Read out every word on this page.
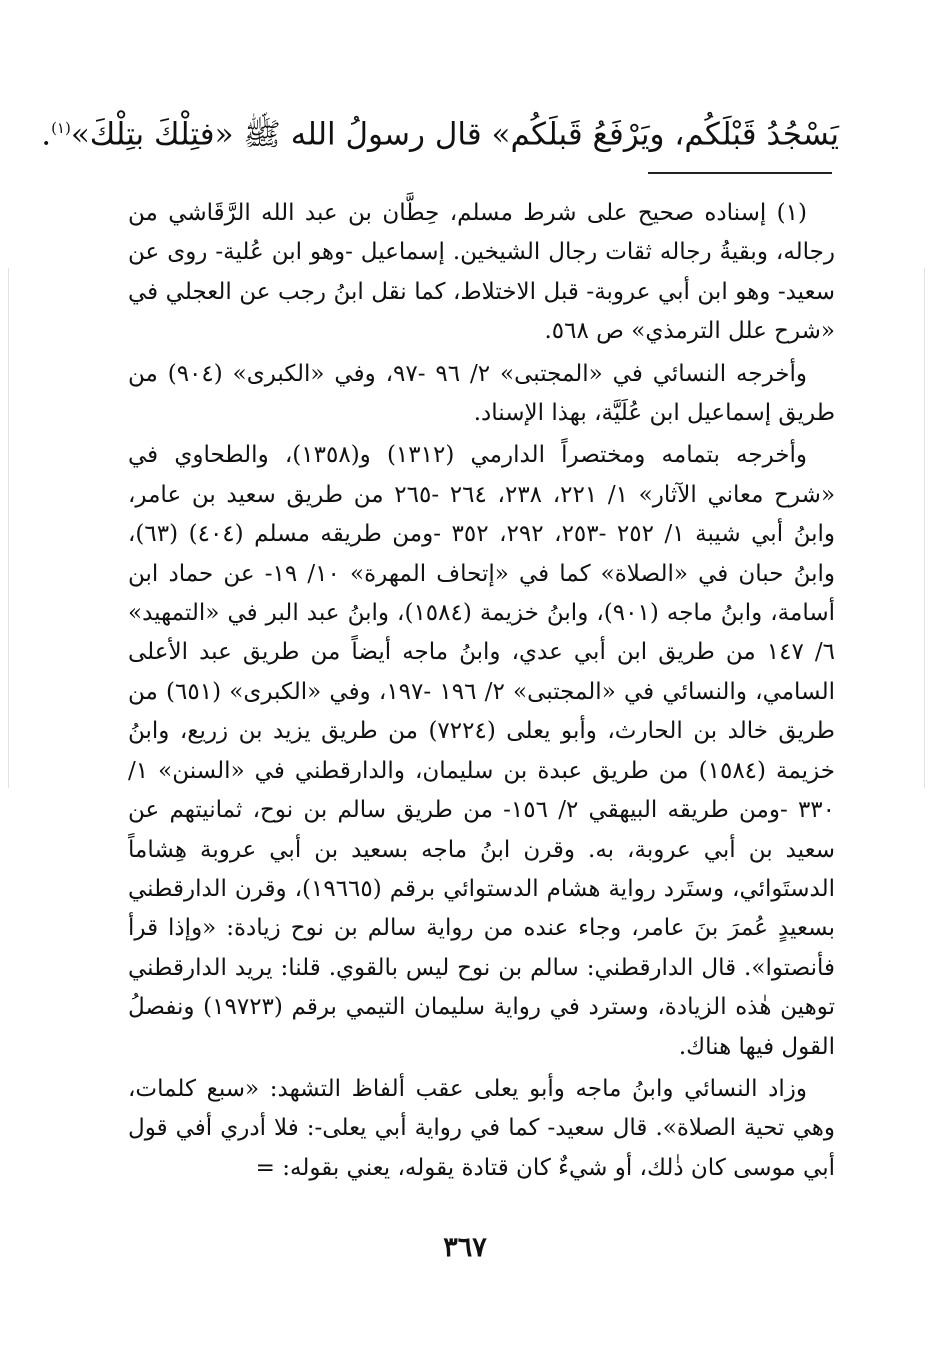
يَسْجُدُ قَبْلَكُم، ويَرْفَعُ قَبلَكُم» قال رسولُ الله ﷺ «فتِلْكَ بتِلْكَ»$^{(١)}$.

(١) إسناده صحيح على شرط مسلم، حِطَّان بن عبد الله الرَّقَاشي من رجاله، وبقيةُ رجاله ثقات رجال الشيخين. إسماعيل -وهو ابن عُلية- روى عن سعيد- وهو ابن أبي عروبة- قبل الاختلاط، كما نقل ابنُ رجب عن العجلي في «شرح علل الترمذي» ص ٥٦٨.

وأخرجه النسائي في «المجتبى» ٢/ ٩٦ -٩٧، وفي «الكبرى» (٩٠٤) من طريق إسماعيل ابن عُلَيَّة، بهذا الإسناد.

وأخرجه بتمامه ومختصراً الدارمي (١٣١٢) و(١٣٥٨)، والطحاوي في «شرح معاني الآثار» ١/ ٢٢١، ٢٣٨، ٢٦٤ -٢٦٥ من طريق سعيد بن عامر، وابنُ أبي شيبة ١/ ٢٥٢ -٢٥٣، ٢٩٢، ٣٥٢ -ومن طريقه مسلم (٤٠٤) (٦٣)، وابنُ حبان في «الصلاة» كما في «إتحاف المهرة» ١٠/ ١٩- عن حماد ابن أسامة، وابنُ ماجه (٩٠١)، وابنُ خزيمة (١٥٨٤)، وابنُ عبد البر في «التمهيد» ٦/ ١٤٧ من طريق ابن أبي عدي، وابنُ ماجه أيضاً من طريق عبد الأعلى السامي، والنسائي في «المجتبى» ٢/ ١٩٦ -١٩٧، وفي «الكبرى» (٦٥١) من طريق خالد بن الحارث، وأبو يعلى (٧٢٢٤) من طريق يزيد بن زريع، وابنُ خزيمة (١٥٨٤) من طريق عبدة بن سليمان، والدارقطني في «السنن» ١/ ٣٣٠ -ومن طريقه البيهقي ٢/ ١٥٦- من طريق سالم بن نوح، ثمانيتهم عن سعيد بن أبي عروبة، به. وقرن ابنُ ماجه بسعيد بن أبي عروبة هِشاماً الدستَوائي، وستَرد رواية هشام الدستوائي برقم (١٩٦٦٥)، وقرن الدارقطني بسعيدٍ عُمرَ بنَ عامر، وجاء عنده من رواية سالم بن نوح زيادة: «وإذا قرأ فأنصتوا». قال الدارقطني: سالم بن نوح ليس بالقوي. قلنا: يريد الدارقطني توهين هٰذه الزيادة، وسترد في رواية سليمان التيمي برقم (١٩٧٢٣) ونفصلُ القول فيها هناك.

وزاد النسائي وابنُ ماجه وأبو يعلى عقب ألفاظ التشهد: «سبع كلمات، وهي تحية الصلاة». قال سعيد- كما في رواية أبي يعلى-: فلا أدري أفي قول أبي موسى كان ذٰلك، أو شيءٌ كان قتادة يقوله، يعني بقوله: =

٣٦٧
